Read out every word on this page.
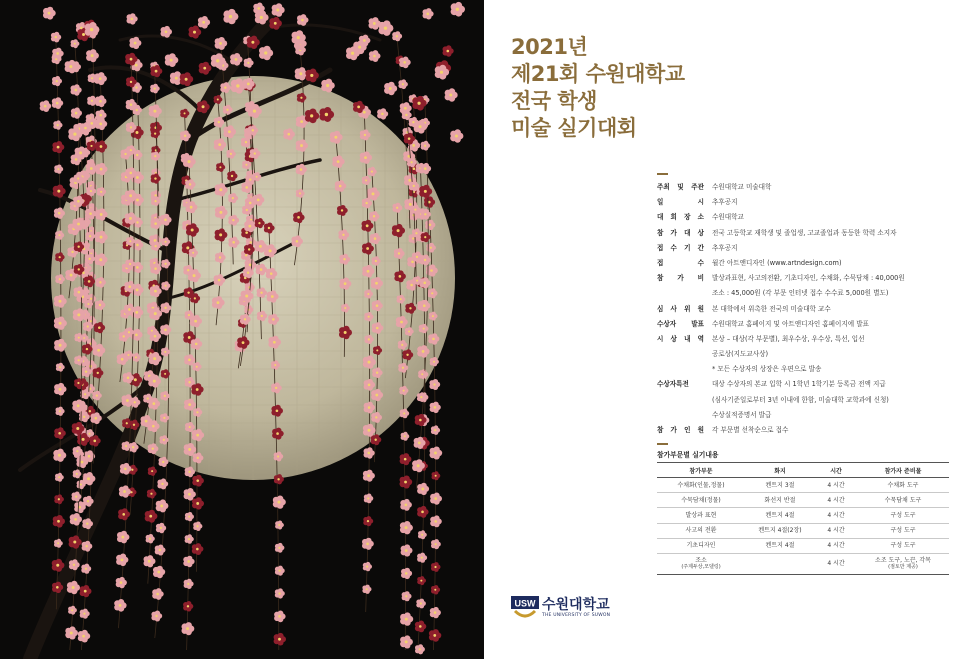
2021년
제21회 수원대학교
전국 학생
미술 실기대회
주최 및 주관 수원대학교 미술대학
일 시 추후공지
대 회 장 소 수원대학교
참 가 대 상 전국 고등학교 재학생 및 졸업생, 고교졸업과 동등한 학력 소지자
접 수 기 간 추후공지
접 수 월간 아트앤디자인 (www.artndesign.com)
참 가 비 발상과표현, 사고의전환, 기초디자인, 수채화, 수묵담채 : 40,000원
조소 : 45,000원 (각 부문 인터넷 접수 수수료 5,000원 별도)
심 사 위 원 본 대학에서 위촉한 전국의 미술대학 교수
수상자 발표 수원대학교 홈페이지 및 아트앤디자인 홈페이지에 발표
시 상 내 역 본상 – 대상(각 부문별), 최우수상, 우수상, 특선, 입선
공로상(지도교사상)
* 모든 수상자의 상장은 우편으로 발송
수상자특전	대상 수상자의 본교 입학 시 1학년 1학기분 등록금 전액 지급
(심사기준일로부터 3년 이내에 한함, 미술대학 교학과에 신청)
수상실적증명서 발급
참 가 인 원 각 부문별 선착순으로 접수
참가부문별 실기내용
참가부문	화지	시간	참가자 준비물
수채화(인물,정물)	켄트지 3절	4 시간	수채화 도구
수묵담채(정물)	화선지 반절	4 시간	수묵담채 도구
발상과 표현	켄트지 4절	4 시간	구성 도구
사고의 전환	켄트지 4절(2장)	4 시간	구성 도구
기초디자인	켄트지 4절	4 시간	구성 도구
조소
(주제두상,모델링)		4 시간	소조 도구, 노끈, 각목
(점토만 제공)
USW 수원대학교
THE UNIVERSITY OF SUWON
